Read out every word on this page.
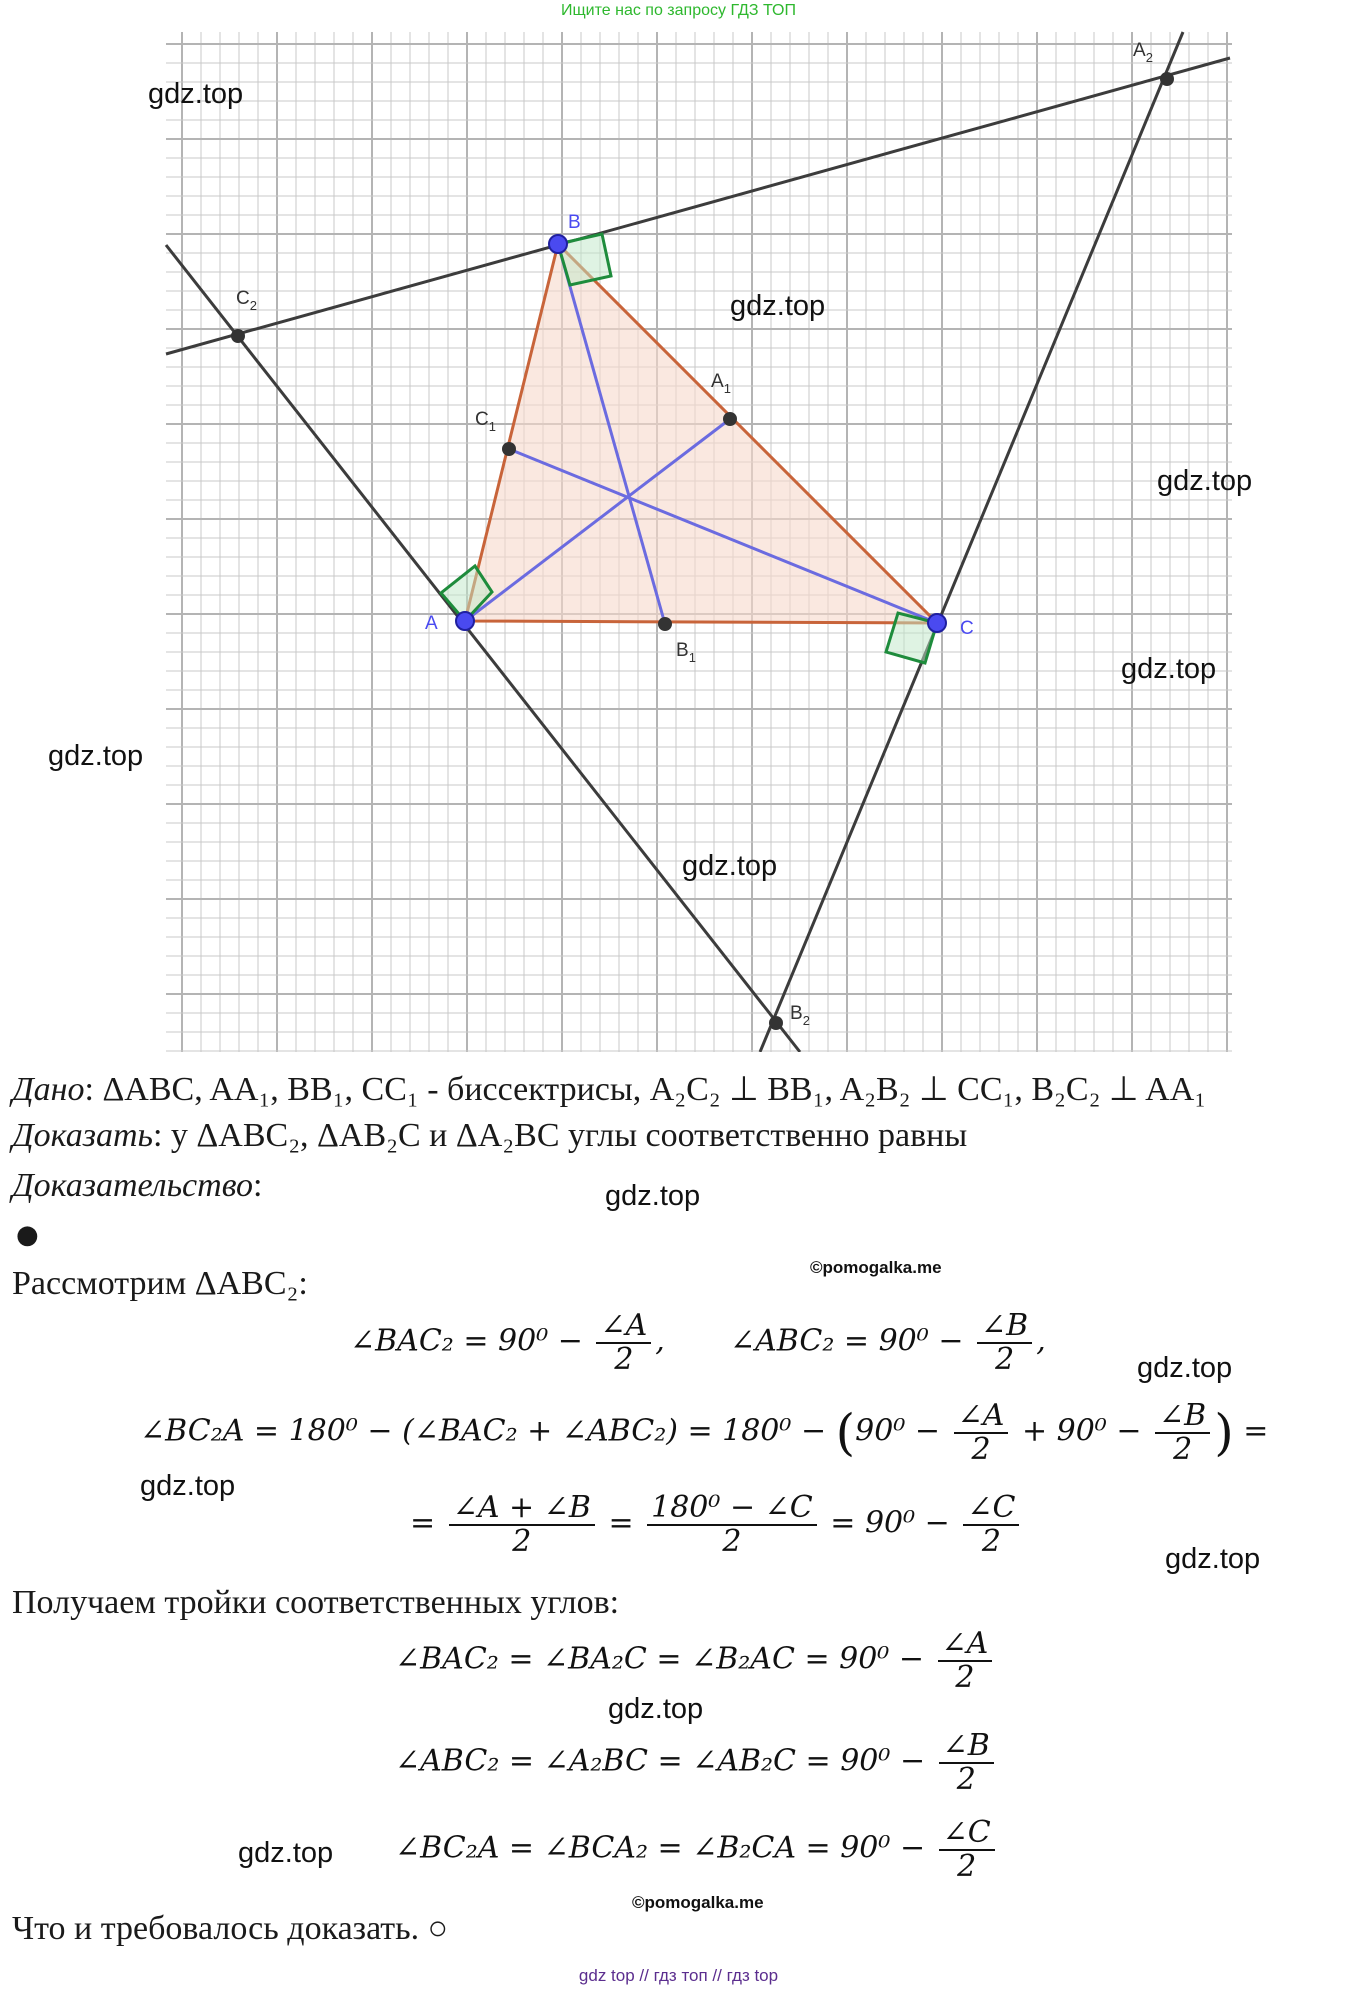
Ищите нас по запросу ГДЗ ТОП
A
B
C
$A_1$
$B_1$
$C_1$
$A_2$
$B_2$
$C_2$
gdz.top
gdz.top
gdz.top
gdz.top
gdz.top
gdz.top
Дано: ΔABC, AA₁, BB₁, CC₁ - биссектрисы, A₂C₂ ⊥ BB₁, A₂B₂ ⊥ CC₁, B₂C₂ ⊥ AA₁
Доказать: у ΔABC₂, ΔAB₂C и ΔA₂BC углы соответственно равны
Доказательство:	gdz.top
●
©pomogalka.me
Рассмотрим ΔABC₂:
∠BAC₂ = $90^0 - \frac{\angle A}{2}$ , ∠ABC₂ = $90^0 - \frac{\angle B}{2}$ ,
gdz.top
∠BC₂A = 180⁰ − (∠BAC₂ + ∠ABC₂) = $180^0 - (90^0 - \frac{\angle A}{2} + 90^0 - \frac{\angle B}{2}$ ) =
gdz.top
= $\frac{\angle A + \angle B}{2} = \frac{\text{180⁰ − ∠C}}{2} = 90^0 - \frac{\angle C}{2}$
gdz.top
Получаем тройки соответственных углов:
∠BAC₂ = ∠BA₂C = ∠B₂AC = $90^0 - \frac{\angle A}{2}$
gdz.top
∠ABC₂ = ∠A₂BC = ∠AB₂C = $90^0 - \frac{\angle B}{2}$
gdz.top ∠BC₂A = ∠BCA₂ = ∠B₂CA = $90^0 - \frac{\angle C}{2}$
©pomogalka.me
Что и требовалось доказать. ○
gdz top // гдз топ // гдз top
